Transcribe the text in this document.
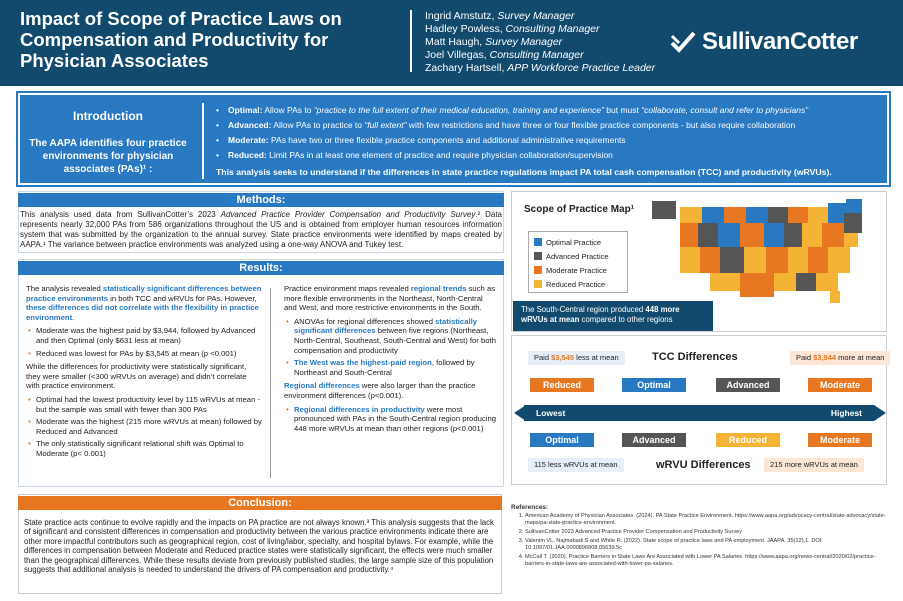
Impact of Scope of Practice Laws on Compensation and Productivity for Physician Associates
Ingrid Amstutz, Survey Manager
Hadley Powless, Consulting Manager
Matt Haugh, Survey Manager
Joel Villegas, Consulting Manager
Zachary Hartsell, APP Workforce Practice Leader
SullivanCotter
Introduction
The AAPA identifies four practice environments for physician associates (PAs)¹ :
• Optimal: Allow PAs to “practice to the full extent of their medical education, training and experience” but must “collaborate, consult and refer to physicians”
• Advanced: Allow PAs to practice to “full extent” with few restrictions and have three or four flexible practice components - but also require collaboration
• Moderate: PAs have two or three flexible practice components and additional administrative requirements
• Reduced: Limit PAs in at least one element of practice and require physician collaboration/supervision
This analysis seeks to understand if the differences in state practice regulations impact PA total cash compensation (TCC) and productivity (wRVUs).
Methods:
This analysis used data from SullivanCotter’s 2023 Advanced Practice Provider Compensation and Productivity Survey.² Data represents nearly 32,000 PAs from 586 organizations throughout the US and is obtained from employer human resources information system that was submitted by the organization to the annual survey. State practice environments were identified by maps created by AAPA.¹ The variance between practice environments was analyzed using a one-way ANOVA and Tukey test.
Results:

The analysis revealed statistically significant differences between practice environments in both TCC and wRVUs for PAs. However, these differences did not correlate with the flexibility in practice environment.

• Moderate was the highest paid by $3,944, followed by Advanced and then Optimal (only $631 less at mean)
• Reduced was lowest for PAs by $3,545 at mean (p <0.001)

While the differences for productivity were statistically significant, they were smaller (<300 wRVUs on average) and didn’t correlate with practice environment.

• Optimal had the lowest productivity level by 115 wRVUs at mean - but the sample was small with fewer than 300 PAs
• Moderate was the highest (215 more wRVUs at mean) followed by Reduced and Advanced
• The only statistically significant relational shift was Optimal to Moderate (p< 0.001)

Practice environment maps revealed regional trends such as more flexible environments in the Northeast, North-Central and West, and more restrictive environments in the South.

• ANOVAs for regional differences showed statistically significant differences between five regions (Northeast, North-Central, Southeast, South-Central and West) for both compensation and productivity
• The West was the highest-paid region, followed by Northeast and South-Central

Regional differences were also larger than the practice environment differences (p<0.001).

• Regional differences in productivity were most pronounced with PAs in the South-Central region producing 448 more wRVUs at mean than other regions (p<0.001)
Scope of Practice Map¹
Optimal Practice
Advanced Practice
Moderate Practice
Reduced Practice
The South-Central region produced 448 more wRVUs at mean compared to other regions
Paid $3,545 less at mean	TCC Differences	Paid $3,944 more at mean
Reduced	Optimal	Advanced	Moderate
Lowest	Highest
Optimal	Advanced	Reduced	Moderate
115 less wRVUs at mean	wRVU Differences	215 more wRVUs at mean
Conclusion:
State practice acts continue to evolve rapidly and the impacts on PA practice are not always known.³ This analysis suggests that the lack of significant and consistent differences in compensation and productivity between the various practice environments indicate there are other more impactful contributors such as geographical region, cost of living/labor, specialty, and hospital bylaws. For example, while the differences in compensation between Moderate and Reduced practice states were statistically significant, the effects were much smaller than the geographical differences. While these results deviate from previously published studies, the large sample size of this population suggests that additional analysis is needed to understand the drivers of PA compensation and productivity.⁴
References:
1. American Academy of Physician Associates. (2024). PA State Practice Environment. https://www.aapa.org/advocacy-central/state-advocacy/state-maps/pa-state-practice-environment.
2. SullivanCotter 2023 Advanced Practice Provider Compensation and Productivity Survey
3. Valentin VL, Najmabadi S and White R. (2022). State scope of practice laws and PA employment. JAAPA. 35(12),1. DOI: 10.1097/01.JAA.0000896808.05639.5c
4. McCall T. (2020). Practice Barriers in State Laws Are Associated with Lower PA Salaries. https://www.aapa.org/news-central/2020/02/practice-barriers-in-state-laws-are-associated-with-lower-pa-salaries.
